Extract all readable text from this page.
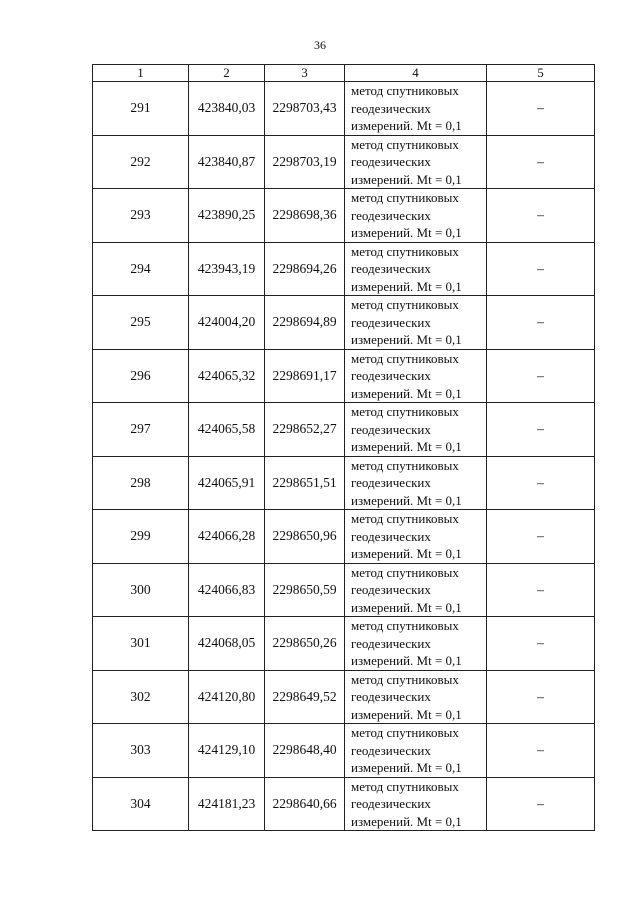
36
1	2	3	4	5
291	423840,03	2298703,43	метод спутниковых
геодезических
измерений. Mt = 0,1	–
292	423840,87	2298703,19	метод спутниковых
геодезических
измерений. Mt = 0,1	–
293	423890,25	2298698,36	метод спутниковых
геодезических
измерений. Mt = 0,1	–
294	423943,19	2298694,26	метод спутниковых
геодезических
измерений. Mt = 0,1	–
295	424004,20	2298694,89	метод спутниковых
геодезических
измерений. Mt = 0,1	–
296	424065,32	2298691,17	метод спутниковых
геодезических
измерений. Mt = 0,1	–
297	424065,58	2298652,27	метод спутниковых
геодезических
измерений. Mt = 0,1	–
298	424065,91	2298651,51	метод спутниковых
геодезических
измерений. Mt = 0,1	–
299	424066,28	2298650,96	метод спутниковых
геодезических
измерений. Mt = 0,1	–
300	424066,83	2298650,59	метод спутниковых
геодезических
измерений. Mt = 0,1	–
301	424068,05	2298650,26	метод спутниковых
геодезических
измерений. Mt = 0,1	–
302	424120,80	2298649,52	метод спутниковых
геодезических
измерений. Mt = 0,1	–
303	424129,10	2298648,40	метод спутниковых
геодезических
измерений. Mt = 0,1	–
304	424181,23	2298640,66	метод спутниковых
геодезических
измерений. Mt = 0,1	–
